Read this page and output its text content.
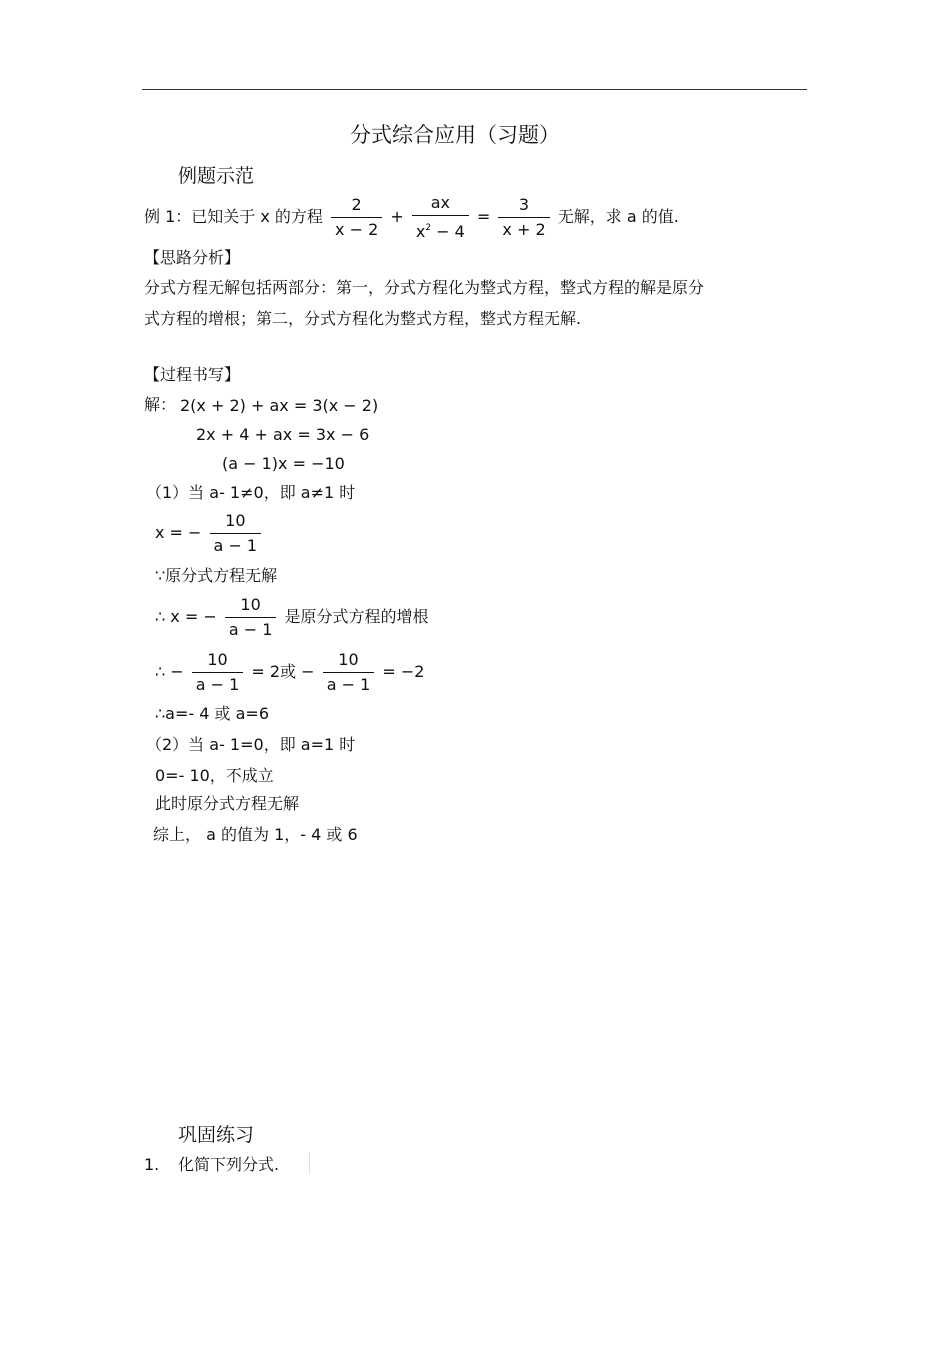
分式综合应用（习题）
例题示范
例 1：已知关于 x 的方程 $\frac{2}{x - 2} + \frac{ax}{x^2 - 4} = \frac{3}{x + 2}$ 无解，求 a 的值.
【思路分析】
分式方程无解包括两部分：第一，分式方程化为整式方程，整式方程的解是原分
式方程的增根；第二，分式方程化为整式方程，整式方程无解.
【过程书写】
解： 2(x + 2) + ax = 3(x − 2)
2x + 4 + ax = 3x − 6
(a − 1)x = −10
（1）当 a- 1≠0，即 a≠1 时
x = − $\frac{10}{a - 1}$
∵原分式方程无解
∴ x = − $\frac{10}{a - 1}$ 是原分式方程的增根
∴ − $\frac{10}{a - 1} = 2$或 − $\frac{10}{a - 1} = -2$
∴a=- 4 或 a=6
（2）当 a- 1=0，即 a=1 时
0=- 10，不成立
此时原分式方程无解
综上， a 的值为 1，- 4 或 6
巩固练习
1. 化简下列分式.
